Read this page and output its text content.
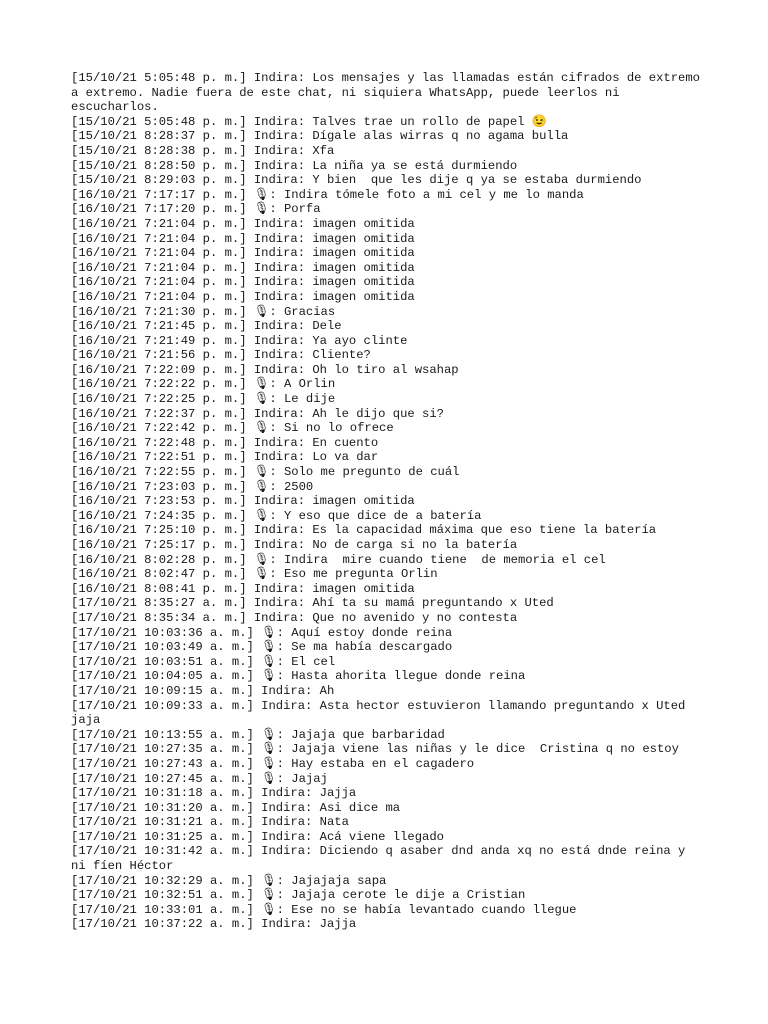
[15/10/21 5:05:48 p. m.] Indira: Los mensajes y las llamadas están cifrados de extremo a extremo. Nadie fuera de este chat, ni siquiera WhatsApp, puede leerlos ni escucharlos.
[15/10/21 5:05:48 p. m.] Indira: Talves trae un rollo de papel 😉
[15/10/21 8:28:37 p. m.] Indira: Dígale alas wirras q no agama bulla
[15/10/21 8:28:38 p. m.] Indira: Xfa
[15/10/21 8:28:50 p. m.] Indira: La niña ya se está durmiendo
[15/10/21 8:29:03 p. m.] Indira: Y bien  que les dije q ya se estaba durmiendo
[16/10/21 7:17:17 p. m.] 🎙: Indira tómele foto a mi cel y me lo manda
[16/10/21 7:17:20 p. m.] 🎙: Porfa
[16/10/21 7:21:04 p. m.] Indira: imagen omitida
[16/10/21 7:21:04 p. m.] Indira: imagen omitida
[16/10/21 7:21:04 p. m.] Indira: imagen omitida
[16/10/21 7:21:04 p. m.] Indira: imagen omitida
[16/10/21 7:21:04 p. m.] Indira: imagen omitida
[16/10/21 7:21:04 p. m.] Indira: imagen omitida
[16/10/21 7:21:30 p. m.] 🎙: Gracias
[16/10/21 7:21:45 p. m.] Indira: Dele
[16/10/21 7:21:49 p. m.] Indira: Ya ayo clinte
[16/10/21 7:21:56 p. m.] Indira: Cliente?
[16/10/21 7:22:09 p. m.] Indira: Oh lo tiro al wsahap
[16/10/21 7:22:22 p. m.] 🎙: A Orlin
[16/10/21 7:22:25 p. m.] 🎙: Le dije
[16/10/21 7:22:37 p. m.] Indira: Ah le dijo que si?
[16/10/21 7:22:42 p. m.] 🎙: Si no lo ofrece
[16/10/21 7:22:48 p. m.] Indira: En cuento
[16/10/21 7:22:51 p. m.] Indira: Lo va dar
[16/10/21 7:22:55 p. m.] 🎙: Solo me pregunto de cuál
[16/10/21 7:23:03 p. m.] 🎙: 2500
[16/10/21 7:23:53 p. m.] Indira: imagen omitida
[16/10/21 7:24:35 p. m.] 🎙: Y eso que dice de a batería
[16/10/21 7:25:10 p. m.] Indira: Es la capacidad máxima que eso tiene la batería
[16/10/21 7:25:17 p. m.] Indira: No de carga si no la batería
[16/10/21 8:02:28 p. m.] 🎙: Indira  mire cuando tiene  de memoria el cel
[16/10/21 8:02:47 p. m.] 🎙: Eso me pregunta Orlin
[16/10/21 8:08:41 p. m.] Indira: imagen omitida
[17/10/21 8:35:27 a. m.] Indira: Ahí ta su mamá preguntando x Uted
[17/10/21 8:35:34 a. m.] Indira: Que no avenido y no contesta
[17/10/21 10:03:36 a. m.] 🎙: Aquí estoy donde reina
[17/10/21 10:03:49 a. m.] 🎙: Se ma había descargado
[17/10/21 10:03:51 a. m.] 🎙: El cel
[17/10/21 10:04:05 a. m.] 🎙: Hasta ahorita llegue donde reina
[17/10/21 10:09:15 a. m.] Indira: Ah
[17/10/21 10:09:33 a. m.] Indira: Asta hector estuvieron llamando preguntando x Uted jaja
[17/10/21 10:13:55 a. m.] 🎙: Jajaja que barbaridad
[17/10/21 10:27:35 a. m.] 🎙: Jajaja viene las niñas y le dice  Cristina q no estoy
[17/10/21 10:27:43 a. m.] 🎙: Hay estaba en el cagadero
[17/10/21 10:27:45 a. m.] 🎙: Jajaj
[17/10/21 10:31:18 a. m.] Indira: Jajja
[17/10/21 10:31:20 a. m.] Indira: Asi dice ma
[17/10/21 10:31:21 a. m.] Indira: Nata
[17/10/21 10:31:25 a. m.] Indira: Acá viene llegado
[17/10/21 10:31:42 a. m.] Indira: Diciendo q asaber dnd anda xq no está dnde reina y ni fíen Héctor
[17/10/21 10:32:29 a. m.] 🎙: Jajajaja sapa
[17/10/21 10:32:51 a. m.] 🎙: Jajaja cerote le dije a Cristian
[17/10/21 10:33:01 a. m.] 🎙: Ese no se había levantado cuando llegue
[17/10/21 10:37:22 a. m.] Indira: Jajja
